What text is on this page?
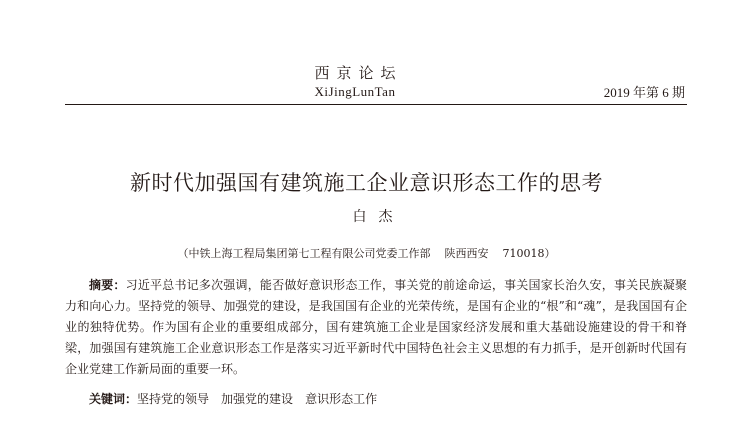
西京论坛
XiJingLunTan	2019 年第 6 期
新时代加强国有建筑施工企业意识形态工作的思考
白杰
（中铁上海工程局集团第七工程有限公司党委工作部 陕西西安 710018）

摘要：习近平总书记多次强调，能否做好意识形态工作，事关党的前途命运，事关国家长治久安，事关民族凝聚力和向心力。坚持党的领导、加强党的建设，是我国国有企业的光荣传统，是国有企业的“根”和“魂”，是我国国有企业的独特优势。作为国有企业的重要组成部分，国有建筑施工企业是国家经济发展和重大基础设施建设的骨干和脊梁，加强国有建筑施工企业意识形态工作是落实习近平新时代中国特色社会主义思想的有力抓手，是开创新时代国有企业党建工作新局面的重要一环。

关键词：坚持党的领导 加强党的建设 意识形态工作
